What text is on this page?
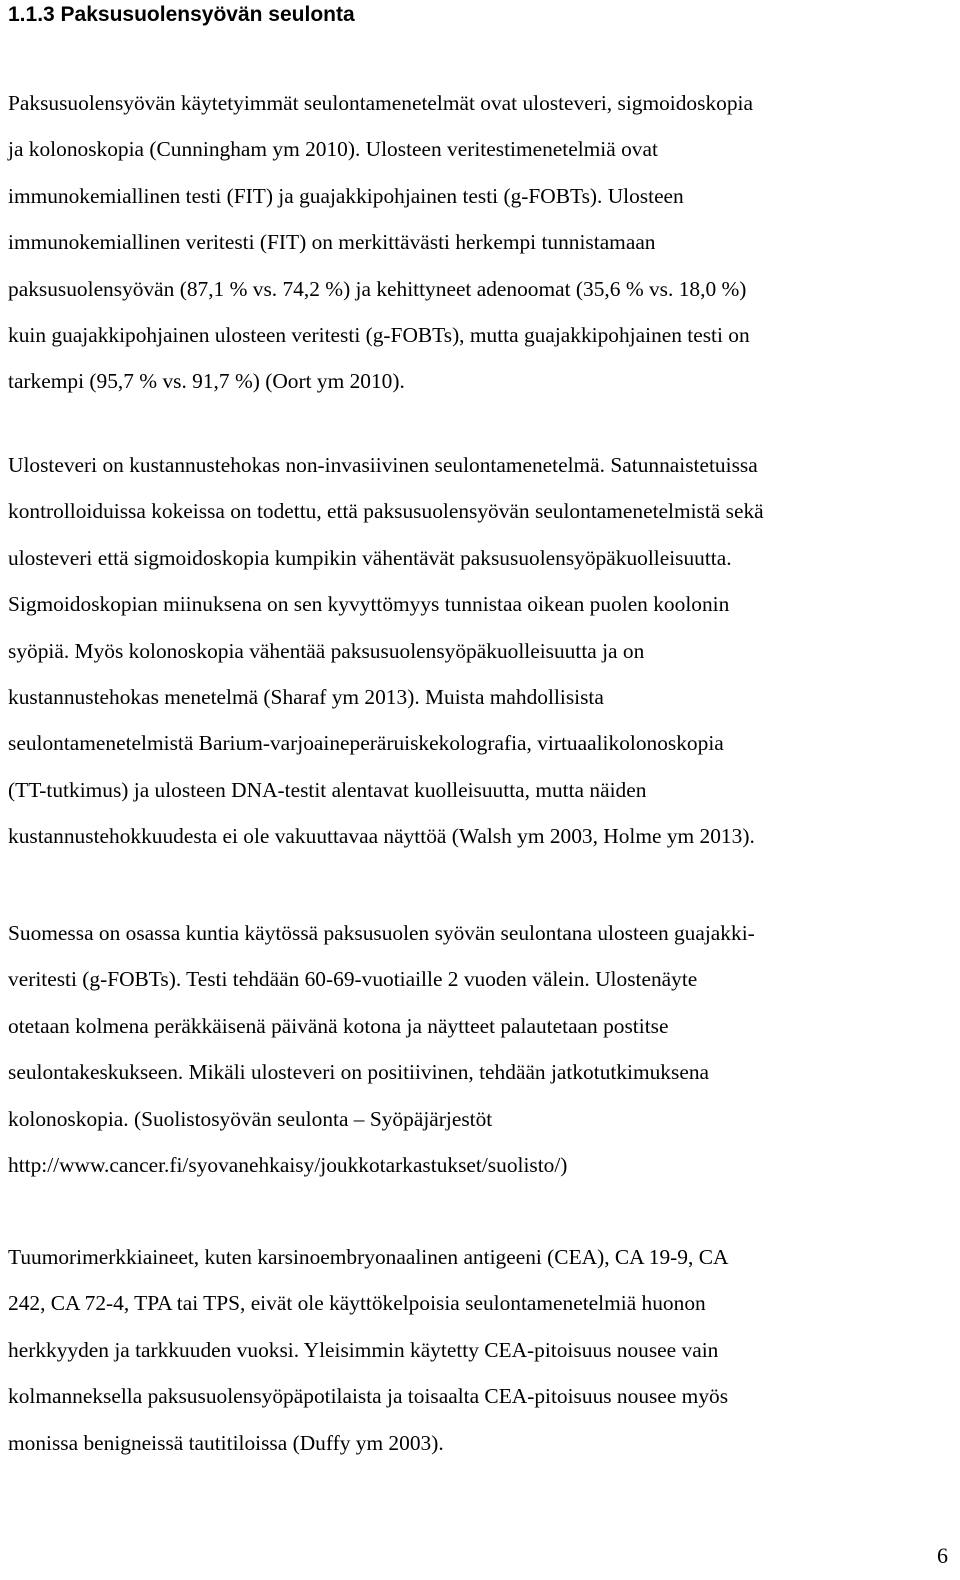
1.1.3 Paksusuolensyövän seulonta
Paksusuolensyövän käytetyimmät seulontamenetelmät ovat ulosteveri, sigmoidoskopia
ja kolonoskopia (Cunningham ym 2010). Ulosteen veritestimenetelmiä ovat
immunokemiallinen testi (FIT) ja guajakkipohjainen testi (g-FOBTs). Ulosteen
immunokemiallinen veritesti (FIT) on merkittävästi herkempi tunnistamaan
paksusuolensyövän (87,1 % vs. 74,2 %) ja kehittyneet adenoomat (35,6 % vs. 18,0 %)
kuin guajakkipohjainen ulosteen veritesti (g-FOBTs), mutta guajakkipohjainen testi on
tarkempi (95,7 % vs. 91,7 %) (Oort ym 2010).
Ulosteveri on kustannustehokas non-invasiivinen seulontamenetelmä. Satunnaistetuissa
kontrolloiduissa kokeissa on todettu, että paksusuolensyövän seulontamenetelmistä sekä
ulosteveri että sigmoidoskopia kumpikin vähentävät paksusuolensyöpäkuolleisuutta.
Sigmoidoskopian miinuksena on sen kyvyttömyys tunnistaa oikean puolen koolonin
syöpiä. Myös kolonoskopia vähentää paksusuolensyöpäkuolleisuutta ja on
kustannustehokas menetelmä (Sharaf ym 2013). Muista mahdollisista
seulontamenetelmistä Barium-varjoaineperäruiskekolografia, virtuaalikolonoskopia
(TT-tutkimus) ja ulosteen DNA-testit alentavat kuolleisuutta, mutta näiden
kustannustehokkuudesta ei ole vakuuttavaa näyttöä (Walsh ym 2003, Holme ym 2013).
Suomessa on osassa kuntia käytössä paksusuolen syövän seulontana ulosteen guajakki-
veritesti (g-FOBTs). Testi tehdään 60-69-vuotiaille 2 vuoden välein. Ulostenäyte
otetaan kolmena peräkkäisenä päivänä kotona ja näytteet palautetaan postitse
seulontakeskukseen. Mikäli ulosteveri on positiivinen, tehdään jatkotutkimuksena
kolonoskopia. (Suolistosyövän seulonta – Syöpäjärjestöt
http://www.cancer.fi/syovanehkaisy/joukkotarkastukset/suolisto/)
Tuumorimerkkiaineet, kuten karsinoembryonaalinen antigeeni (CEA), CA 19-9, CA
242, CA 72-4, TPA tai TPS, eivät ole käyttökelpoisia seulontamenetelmiä huonon
herkkyyden ja tarkkuuden vuoksi. Yleisimmin käytetty CEA-pitoisuus nousee vain
kolmanneksella paksusuolensyöpäpotilaista ja toisaalta CEA-pitoisuus nousee myös
monissa benigneissä tautitiloissa (Duffy ym 2003).

6
